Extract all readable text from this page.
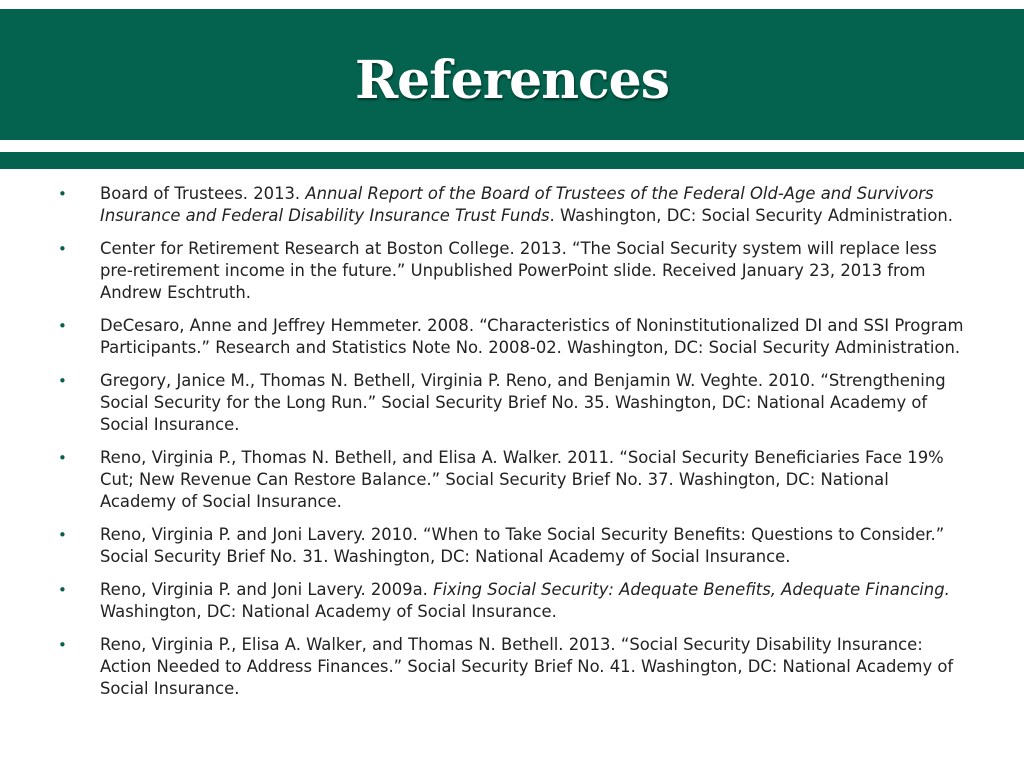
References
• Board of Trustees. 2013. Annual Report of the Board of Trustees of the Federal Old-Age and Survivors Insurance and Federal Disability Insurance Trust Funds. Washington, DC: Social Security Administration.
• Center for Retirement Research at Boston College. 2013. “The Social Security system will replace less pre-retirement income in the future.” Unpublished PowerPoint slide. Received January 23, 2013 from Andrew Eschtruth.
• DeCesaro, Anne and Jeffrey Hemmeter. 2008. “Characteristics of Noninstitutionalized DI and SSI Program Participants.” Research and Statistics Note No. 2008-02. Washington, DC: Social Security Administration.
• Gregory, Janice M., Thomas N. Bethell, Virginia P. Reno, and Benjamin W. Veghte. 2010. “Strengthening Social Security for the Long Run.” Social Security Brief No. 35. Washington, DC: National Academy of Social Insurance.
• Reno, Virginia P., Thomas N. Bethell, and Elisa A. Walker. 2011. “Social Security Beneficiaries Face 19% Cut; New Revenue Can Restore Balance.” Social Security Brief No. 37. Washington, DC: National Academy of Social Insurance.
• Reno, Virginia P. and Joni Lavery. 2010. “When to Take Social Security Benefits: Questions to Consider.” Social Security Brief No. 31. Washington, DC: National Academy of Social Insurance.
• Reno, Virginia P. and Joni Lavery. 2009a. Fixing Social Security: Adequate Benefits, Adequate Financing. Washington, DC: National Academy of Social Insurance.
• Reno, Virginia P., Elisa A. Walker, and Thomas N. Bethell. 2013. “Social Security Disability Insurance: Action Needed to Address Finances.” Social Security Brief No. 41. Washington, DC: National Academy of Social Insurance.
